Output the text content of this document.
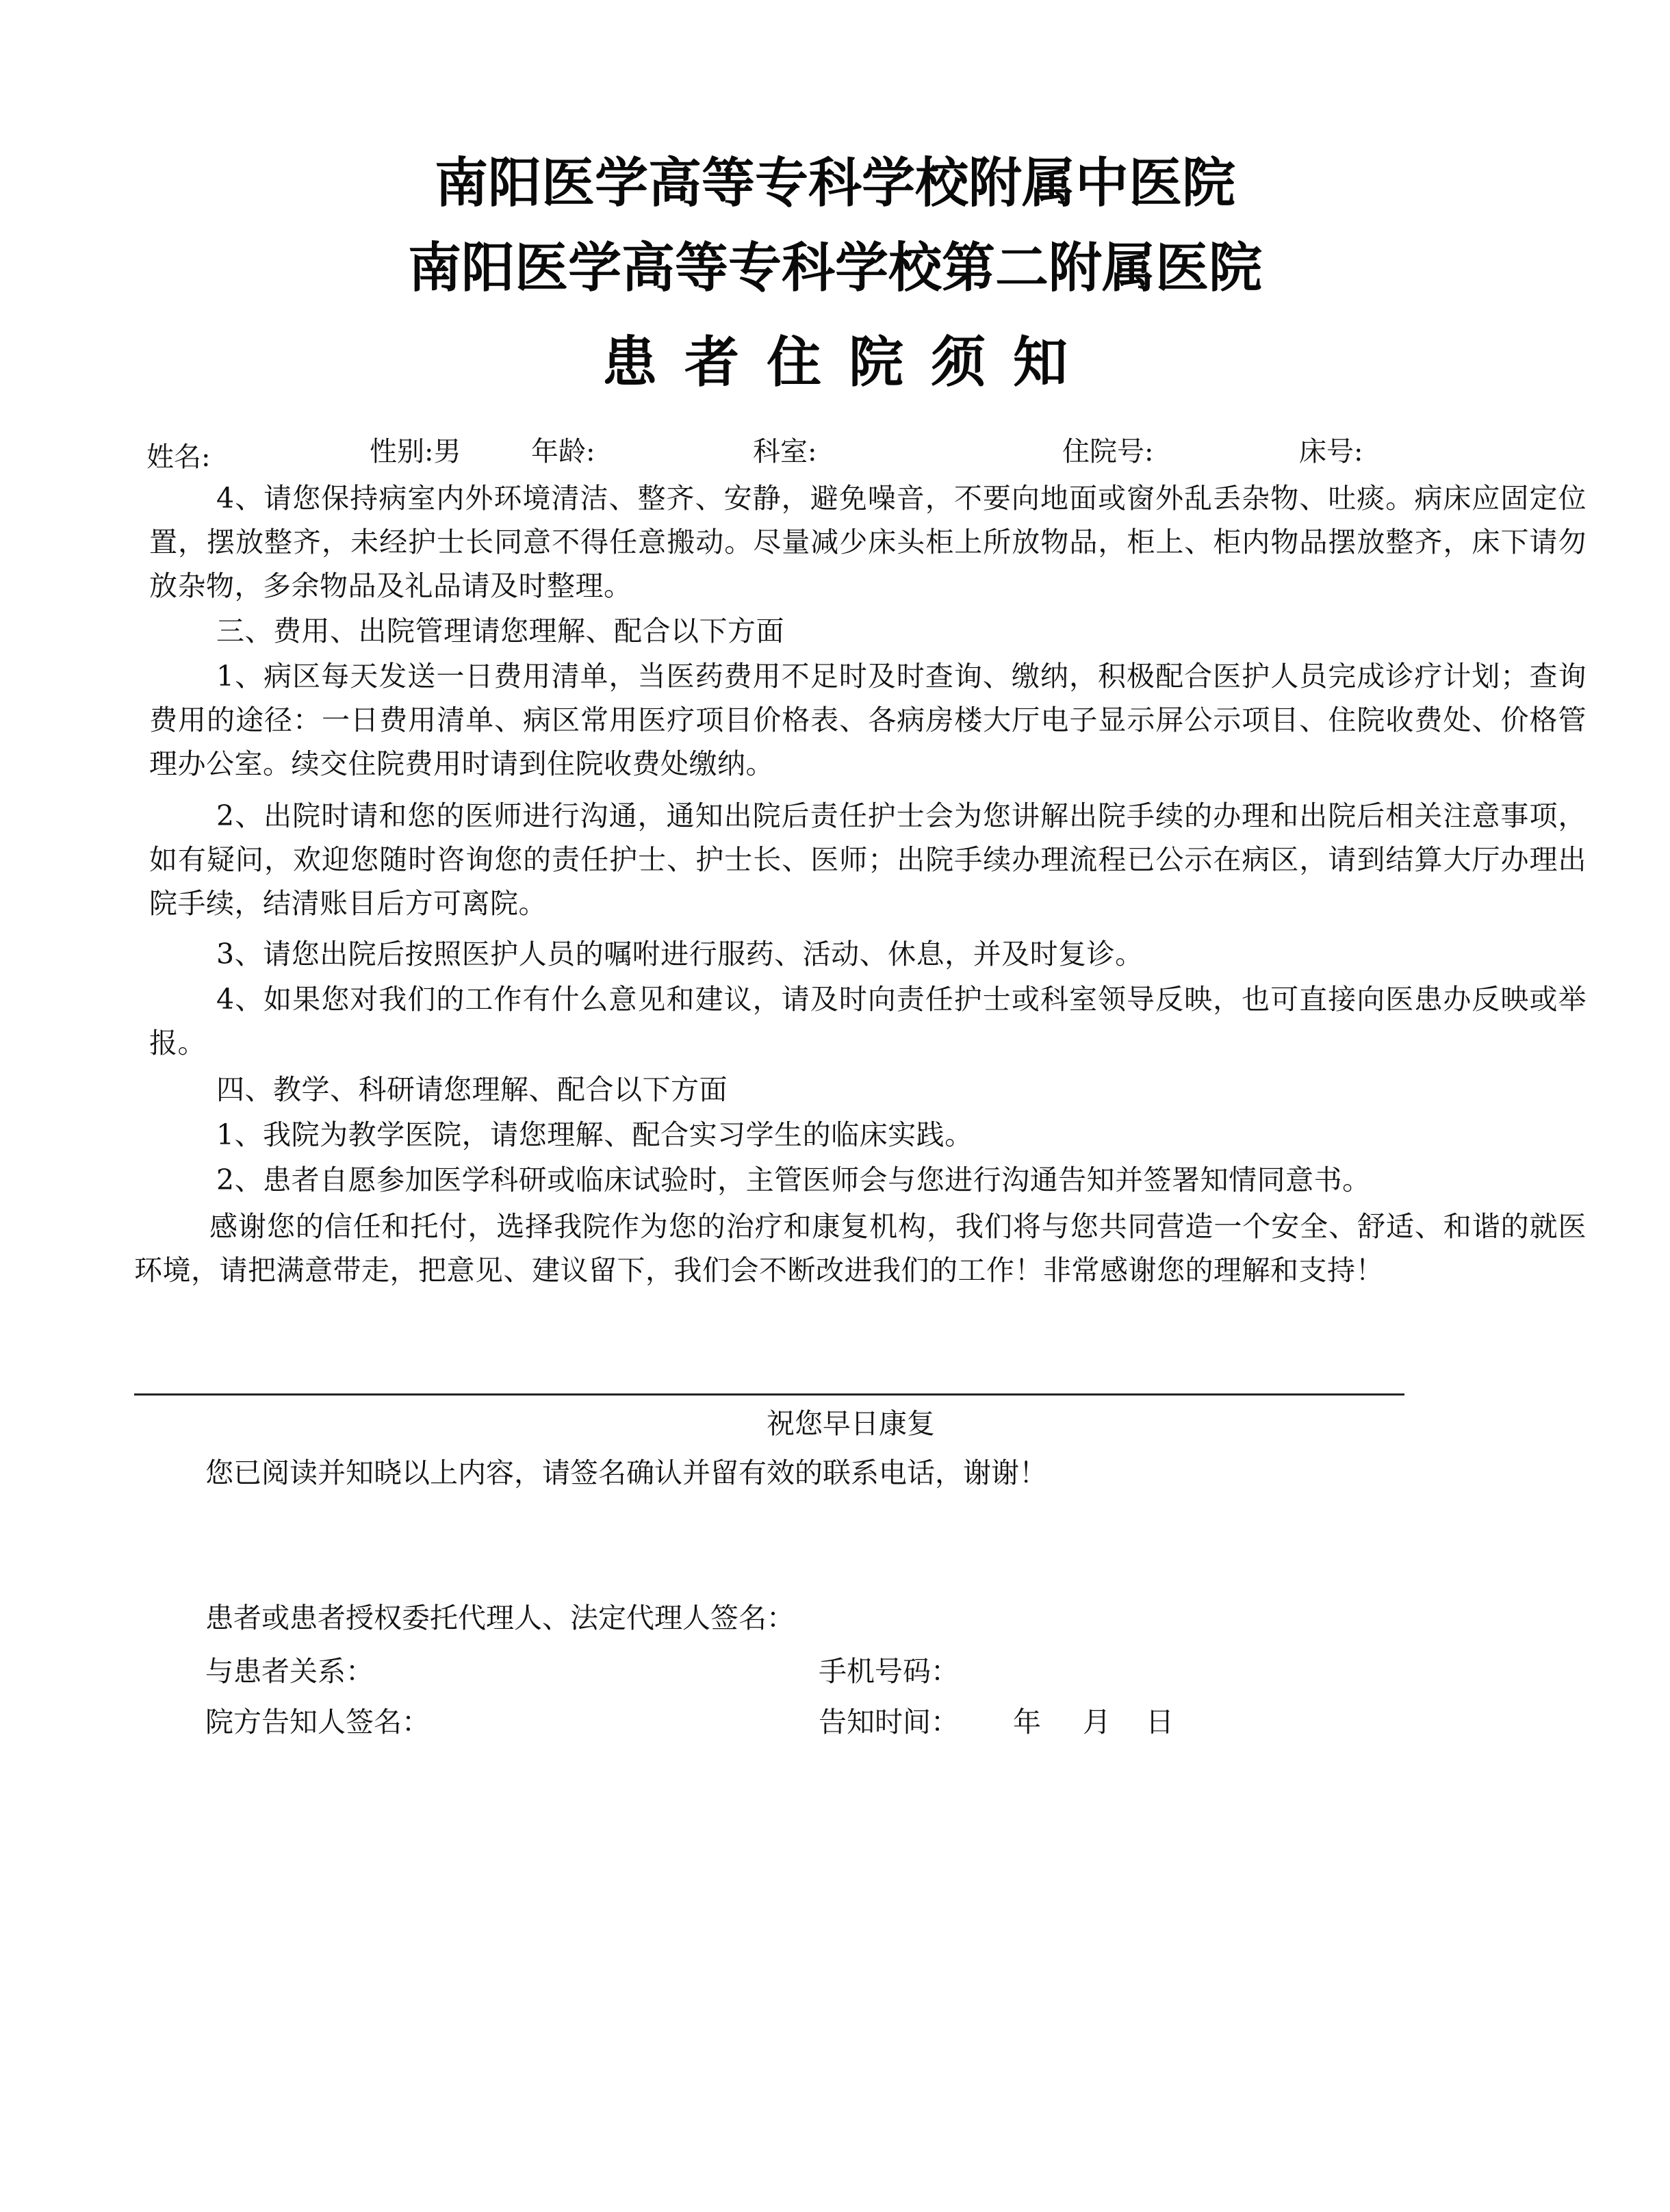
南阳医学高等专科学校附属中医院
南阳医学高等专科学校第二附属医院
患者住院须知
姓名:	性别:男	年龄:	科室:	住院号:	床号:

4、请您保持病室内外环境清洁、整齐、安静，避免噪音，不要向地面或窗外乱丢杂物、吐痰。病床应固定位置，摆放整齐，未经护士长同意不得任意搬动。尽量减少床头柜上所放物品，柜上、柜内物品摆放整齐，床下请勿放杂物，多余物品及礼品请及时整理。

三、费用、出院管理请您理解、配合以下方面

1、病区每天发送一日费用清单，当医药费用不足时及时查询、缴纳，积极配合医护人员完成诊疗计划；查询费用的途径：一日费用清单、病区常用医疗项目价格表、各病房楼大厅电子显示屏公示项目、住院收费处、价格管理办公室。续交住院费用时请到住院收费处缴纳。

2、出院时请和您的医师进行沟通，通知出院后责任护士会为您讲解出院手续的办理和出院后相关注意事项，如有疑问，欢迎您随时咨询您的责任护士、护士长、医师；出院手续办理流程已公示在病区，请到结算大厅办理出院手续，结清账目后方可离院。

3、请您出院后按照医护人员的嘱咐进行服药、活动、休息，并及时复诊。

4、如果您对我们的工作有什么意见和建议，请及时向责任护士或科室领导反映，也可直接向医患办反映或举报。

四、教学、科研请您理解、配合以下方面

1、我院为教学医院，请您理解、配合实习学生的临床实践。

2、患者自愿参加医学科研或临床试验时，主管医师会与您进行沟通告知并签署知情同意书。

感谢您的信任和托付，选择我院作为您的治疗和康复机构，我们将与您共同营造一个安全、舒适、和谐的就医环境，请把满意带走，把意见、建议留下，我们会不断改进我们的工作！非常感谢您的理解和支持！

祝您早日康复
您已阅读并知晓以上内容，请签名确认并留有效的联系电话，谢谢！
患者或患者授权委托代理人、法定代理人签名：
与患者关系：	手机号码：
院方告知人签名：	告知时间： 年 月 日
